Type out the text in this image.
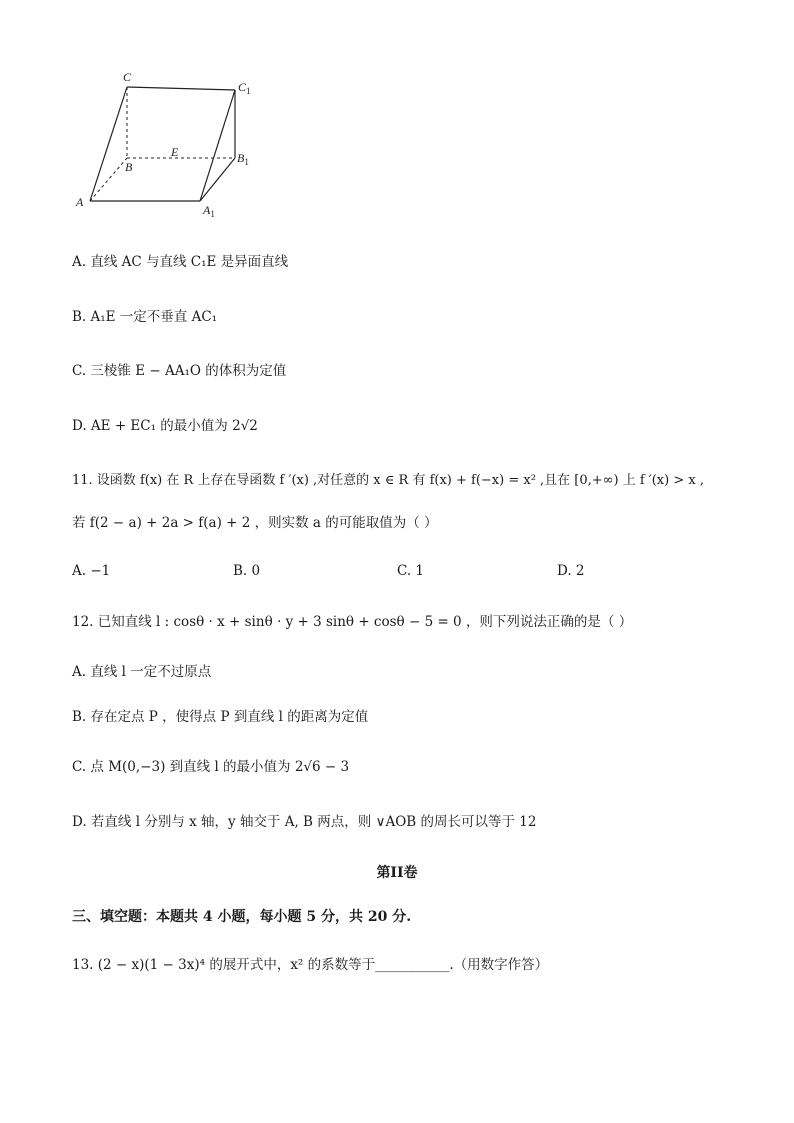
C
$C_1$
B
E	$B_1$
A
$A_1$
A. 直线 AC 与直线 C₁E 是异面直线
B. A₁E 一定不垂直 AC₁
C. 三棱锥 E − AA₁O 的体积为定值
D. AE + EC₁ 的最小值为 2√2
11. 设函数 f(x) 在 R 上存在导函数 f ′(x) ,对任意的 x ∈ R 有 f(x) + f(−x) = x² ,且在 [0,+∞) 上 f ′(x) > x ,
若 f(2 − a) + 2a > f(a) + 2 ，则实数 a 的可能取值为（ ）
A. −1	B. 0	C. 1	D. 2
12. 已知直线 l : cosθ · x + sinθ · y + 3 sinθ + cosθ − 5 = 0 ，则下列说法正确的是（ ）
A. 直线 l 一定不过原点
B. 存在定点 P ，使得点 P 到直线 l 的距离为定值
C. 点 M(0,−3) 到直线 l 的最小值为 2√6 − 3
D. 若直线 l 分别与 x 轴，y 轴交于 A, B 两点，则 ∨AOB 的周长可以等于 12
第II卷
三、填空题：本题共 4 小题，每小题 5 分，共 20 分.
13. (2 − x)(1 − 3x)⁴ 的展开式中，x² 的系数等于___________.（用数字作答）
